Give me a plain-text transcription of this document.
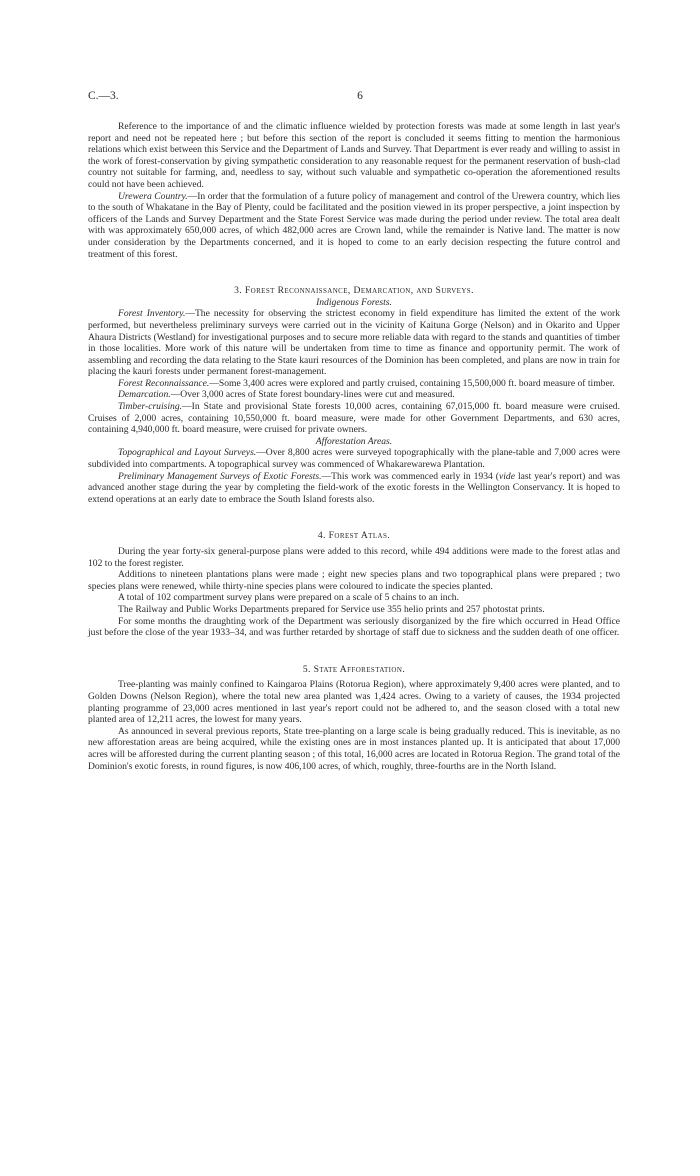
C.—3.	6

Reference to the importance of and the climatic influence wielded by protection forests was made at some length in last year's report and need not be repeated here ; but before this section of the report is concluded it seems fitting to mention the harmonious relations which exist between this Service and the Department of Lands and Survey. That Department is ever ready and willing to assist in the work of forest-conservation by giving sympathetic consideration to any reasonable request for the permanent reservation of bush-clad country not suitable for farming, and, needless to say, without such valuable and sympathetic co-operation the aforementioned results could not have been achieved.

Urewera Country.—In order that the formulation of a future policy of management and control of the Urewera country, which lies to the south of Whakatane in the Bay of Plenty, could be facilitated and the position viewed in its proper perspective, a joint inspection by officers of the Lands and Survey Department and the State Forest Service was made during the period under review. The total area dealt with was approximately 650,000 acres, of which 482,000 acres are Crown land, while the remainder is Native land. The matter is now under consideration by the Departments concerned, and it is hoped to come to an early decision respecting the future control and treatment of this forest.

3. Forest Reconnaissance, Demarcation, and Surveys.

Indigenous Forests.

Forest Inventory.—The necessity for observing the strictest economy in field expenditure has limited the extent of the work performed, but nevertheless preliminary surveys were carried out in the vicinity of Kaituna Gorge (Nelson) and in Okarito and Upper Ahaura Districts (Westland) for investigational purposes and to secure more reliable data with regard to the stands and quantities of timber in those localities. More work of this nature will be undertaken from time to time as finance and opportunity permit. The work of assembling and recording the data relating to the State kauri resources of the Dominion has been completed, and plans are now in train for placing the kauri forests under permanent forest-management.

Forest Reconnaissance.—Some 3,400 acres were explored and partly cruised, containing 15,500,000 ft. board measure of timber.

Demarcation.—Over 3,000 acres of State forest boundary-lines were cut and measured.

Timber-cruising.—In State and provisional State forests 10,000 acres, containing 67,015,000 ft. board measure were cruised. Cruises of 2,000 acres, containing 10,550,000 ft. board measure, were made for other Government Departments, and 630 acres, containing 4,940,000 ft. board measure, were cruised for private owners.

Afforestation Areas.

Topographical and Layout Surveys.—Over 8,800 acres were surveyed topographically with the plane-table and 7,000 acres were subdivided into compartments. A topographical survey was commenced of Whakarewarewa Plantation.

Preliminary Management Surveys of Exotic Forests.—This work was commenced early in 1934 (vide last year's report) and was advanced another stage during the year by completing the field-work of the exotic forests in the Wellington Conservancy. It is hoped to extend operations at an early date to embrace the South Island forests also.

4. Forest Atlas.

During the year forty-six general-purpose plans were added to this record, while 494 additions were made to the forest atlas and 102 to the forest register.

Additions to nineteen plantations plans were made ; eight new species plans and two topographical plans were prepared ; two species plans were renewed, while thirty-nine species plans were coloured to indicate the species planted.

A total of 102 compartment survey plans were prepared on a scale of 5 chains to an inch.

The Railway and Public Works Departments prepared for Service use 355 helio prints and 257 photostat prints.

For some months the draughting work of the Department was seriously disorganized by the fire which occurred in Head Office just before the close of the year 1933–34, and was further retarded by shortage of staff due to sickness and the sudden death of one officer.

5. State Afforestation.

Tree-planting was mainly confined to Kaingaroa Plains (Rotorua Region), where approximately 9,400 acres were planted, and to Golden Downs (Nelson Region), where the total new area planted was 1,424 acres. Owing to a variety of causes, the 1934 projected planting programme of 23,000 acres mentioned in last year's report could not be adhered to, and the season closed with a total new planted area of 12,211 acres, the lowest for many years.

As announced in several previous reports, State tree-planting on a large scale is being gradually reduced. This is inevitable, as no new afforestation areas are being acquired, while the existing ones are in most instances planted up. It is anticipated that about 17,000 acres will be afforested during the current planting season ; of this total, 16,000 acres are located in Rotorua Region. The grand total of the Dominion's exotic forests, in round figures, is now 406,100 acres, of which, roughly, three-fourths are in the North Island.
